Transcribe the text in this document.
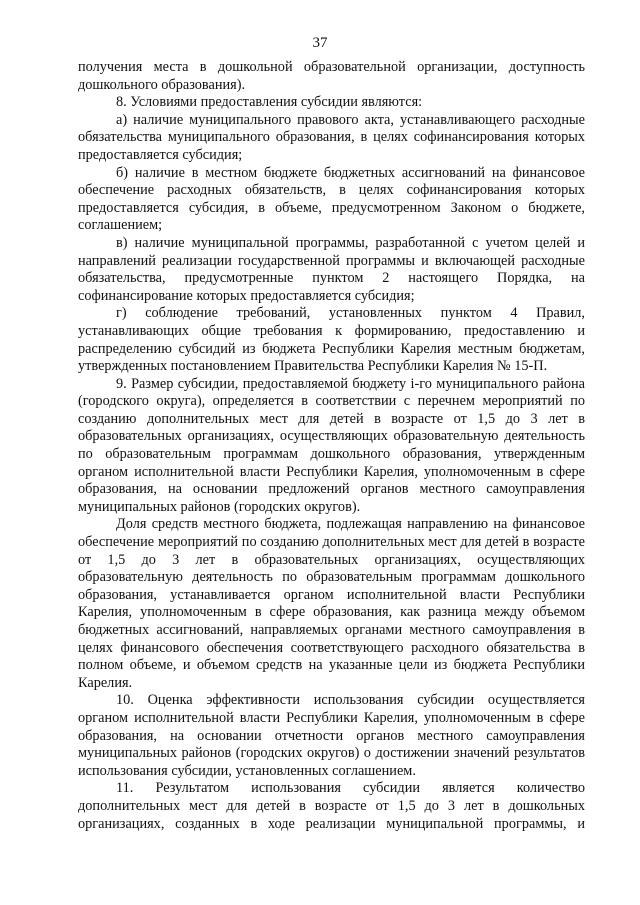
37

получения места в дошкольной образовательной организации, доступность дошкольного образования).

8. Условиями предоставления субсидии являются:

а) наличие муниципального правового акта, устанавливающего расходные обязательства муниципального образования, в целях софинансирования которых предоставляется субсидия;

б) наличие в местном бюджете бюджетных ассигнований на финансовое обеспечение расходных обязательств, в целях софинансирования которых предоставляется субсидия, в объеме, предусмотренном Законом о бюджете, соглашением;

в) наличие муниципальной программы, разработанной с учетом целей и направлений реализации государственной программы и включающей расходные обязательства, предусмотренные пунктом 2 настоящего Порядка, на софинансирование которых предоставляется субсидия;

г) соблюдение требований, установленных пунктом 4 Правил, устанавливающих общие требования к формированию, предоставлению и распределению субсидий из бюджета Республики Карелия местным бюджетам, утвержденных постановлением Правительства Республики Карелия № 15-П.

9. Размер субсидии, предоставляемой бюджету i-го муниципального района (городского округа), определяется в соответствии с перечнем мероприятий по созданию дополнительных мест для детей в возрасте от 1,5 до 3 лет в образовательных организациях, осуществляющих образовательную деятельность по образовательным программам дошкольного образования, утвержденным органом исполнительной власти Республики Карелия, уполномоченным в сфере образования, на основании предложений органов местного самоуправления муниципальных районов (городских округов).

Доля средств местного бюджета, подлежащая направлению на финансовое обеспечение мероприятий по созданию дополнительных мест для детей в возрасте от 1,5 до 3 лет в образовательных организациях, осуществляющих образовательную деятельность по образовательным программам дошкольного образования, устанавливается органом исполнительной власти Республики Карелия, уполномоченным в сфере образования, как разница между объемом бюджетных ассигнований, направляемых органами местного самоуправления в целях финансового обеспечения соответствующего расходного обязательства в полном объеме, и объемом средств на указанные цели из бюджета Республики Карелия.

10. Оценка эффективности использования субсидии осуществляется органом исполнительной власти Республики Карелия, уполномоченным в сфере образования, на основании отчетности органов местного самоуправления муниципальных районов (городских округов) о достижении значений результатов использования субсидии, установленных соглашением.

11. Результатом использования субсидии является количество дополнительных мест для детей в возрасте от 1,5 до 3 лет в дошкольных организациях, созданных в ходе реализации муниципальной программы, и
